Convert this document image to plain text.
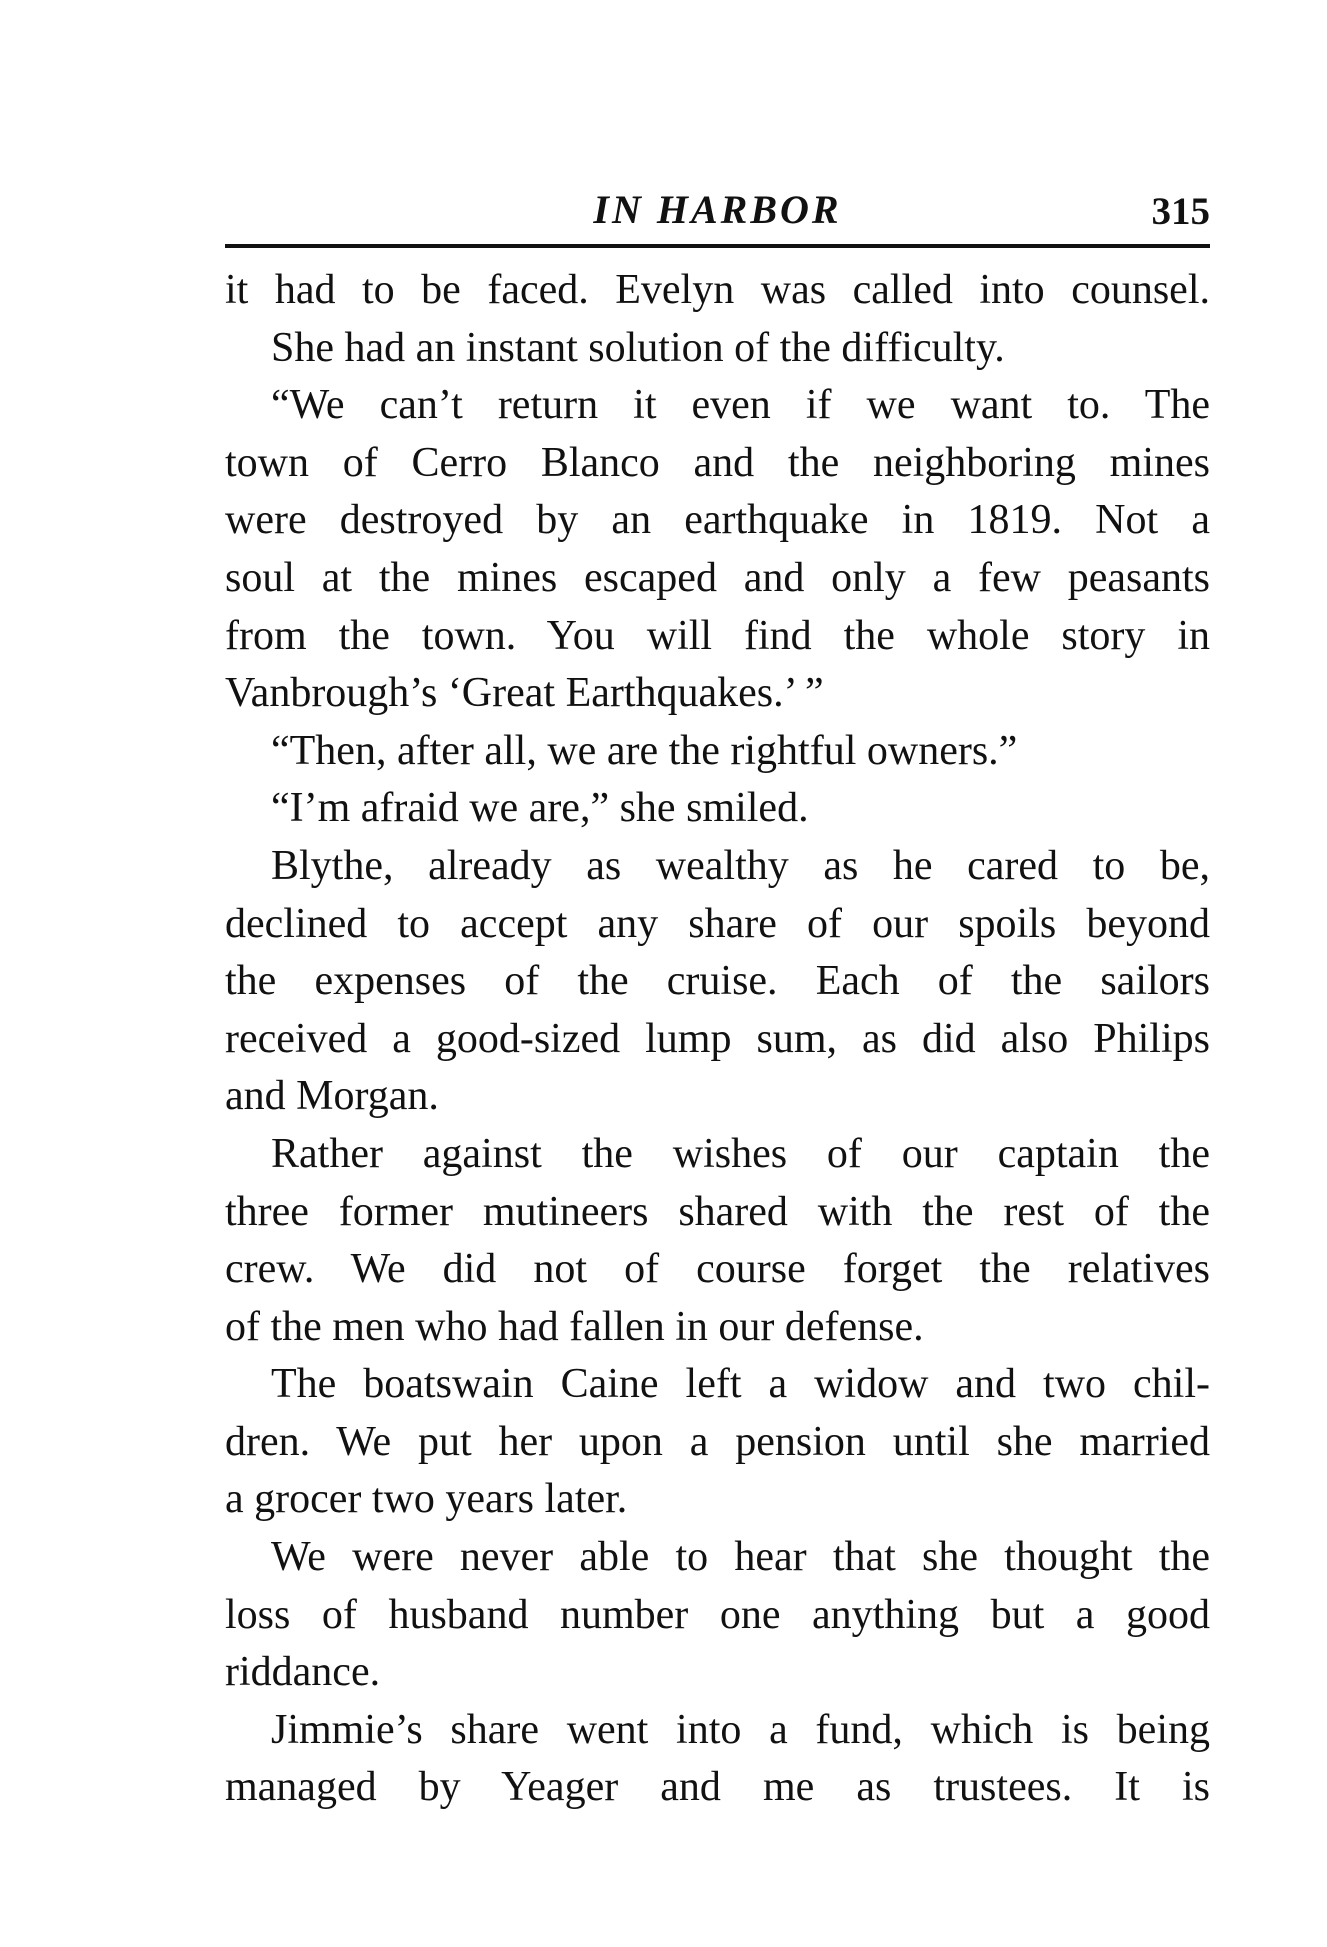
IN HARBOR	315
it had to be faced. Evelyn was called into counsel.
She had an instant solution of the difficulty.
“We can’t return it even if we want to. The
town of Cerro Blanco and the neighboring mines
were destroyed by an earthquake in 1819. Not a
soul at the mines escaped and only a few peasants
from the town. You will find the whole story in
Vanbrough’s ‘Great Earthquakes.’ ”
“Then, after all, we are the rightful owners.”
“I’m afraid we are,” she smiled.
Blythe, already as wealthy as he cared to be,
declined to accept any share of our spoils beyond
the expenses of the cruise. Each of the sailors
received a good-sized lump sum, as did also Philips
and Morgan.
Rather against the wishes of our captain the
three former mutineers shared with the rest of the
crew. We did not of course forget the relatives
of the men who had fallen in our defense.
The boatswain Caine left a widow and two chil-
dren. We put her upon a pension until she married
a grocer two years later.
We were never able to hear that she thought the
loss of husband number one anything but a good
riddance.
Jimmie’s share went into a fund, which is being
managed by Yeager and me as trustees. It is
